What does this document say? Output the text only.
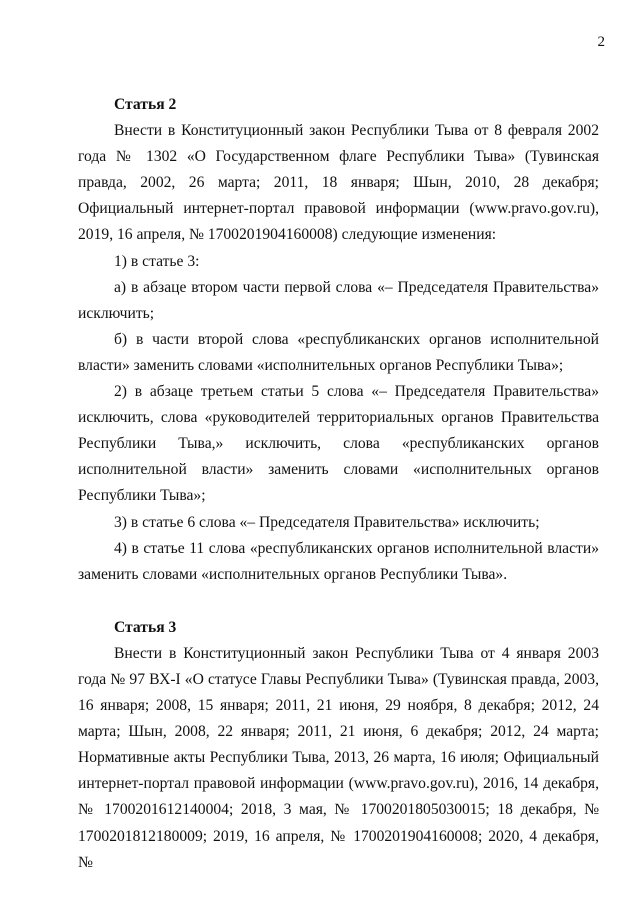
2

Статья 2

Внести в Конституционный закон Республики Тыва от 8 февраля 2002 года № 1302 «О Государственном флаге Республики Тыва» (Тувинская правда, 2002, 26 марта; 2011, 18 января; Шын, 2010, 28 декабря; Официальный интернет-портал правовой информации (www.pravo.gov.ru), 2019, 16 апреля, № 1700201904160008) следующие изменения:

1) в статье 3:

а) в абзаце втором части первой слова «– Председателя Правительства» исключить;

б) в части второй слова «республиканских органов исполнительной власти» заменить словами «исполнительных органов Республики Тыва»;

2) в абзаце третьем статьи 5 слова «– Председателя Правительства» исключить, слова «руководителей территориальных органов Правительства Республики Тыва,» исключить, слова «республиканских органов исполнительной власти» заменить словами «исполнительных органов Республики Тыва»;

3) в статье 6 слова «– Председателя Правительства» исключить;

4) в статье 11 слова «республиканских органов исполнительной власти» заменить словами «исполнительных органов Республики Тыва».

Статья 3

Внести в Конституционный закон Республики Тыва от 4 января 2003 года № 97 ВХ-I «О статусе Главы Республики Тыва» (Тувинская правда, 2003, 16 января; 2008, 15 января; 2011, 21 июня, 29 ноября, 8 декабря; 2012, 24 марта; Шын, 2008, 22 января; 2011, 21 июня, 6 декабря; 2012, 24 марта; Нормативные акты Республики Тыва, 2013, 26 марта, 16 июля; Официальный интернет-портал правовой информации (www.pravo.gov.ru), 2016, 14 декабря, № 1700201612140004; 2018, 3 мая, № 1700201805030015; 18 декабря, № 1700201812180009; 2019, 16 апреля, № 1700201904160008; 2020, 4 декабря, №
